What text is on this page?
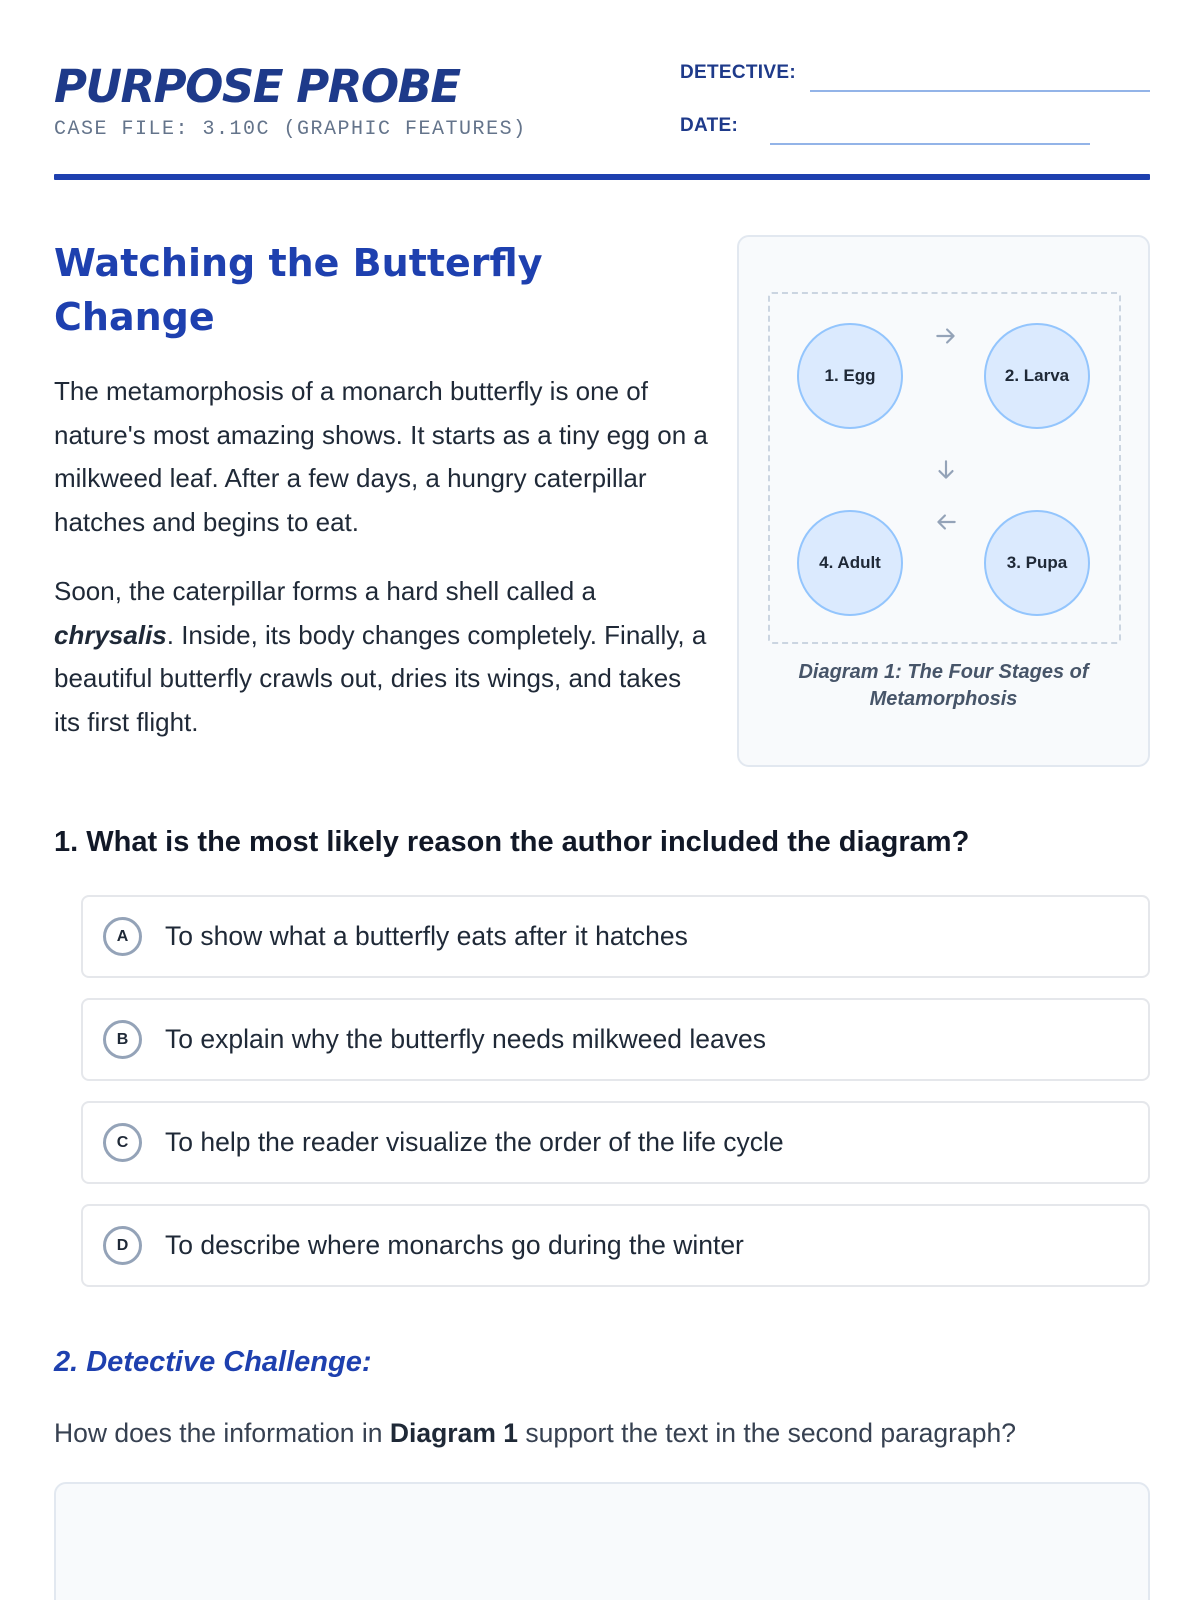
PURPOSE PROBE
CASE FILE: 3.10C (GRAPHIC FEATURES)
DETECTIVE:
DATE:
Watching the Butterfly Change

The metamorphosis of a monarch butterfly is one of nature's most amazing shows. It starts as a tiny egg on a milkweed leaf. After a few days, a hungry caterpillar hatches and begins to eat.

Soon, the caterpillar forms a hard shell called a chrysalis. Inside, its body changes completely. Finally, a beautiful butterfly crawls out, dries its wings, and takes its first flight.

1. Egg	2. Larva
3. Pupa
4. Adult
Diagram 1: The Four Stages of Metamorphosis
1. What is the most likely reason the author included the diagram?
A	To show what a butterfly eats after it hatches
B	To explain why the butterfly needs milkweed leaves
C	To help the reader visualize the order of the life cycle
D	To describe where monarchs go during the winter
2. Detective Challenge:
How does the information in Diagram 1 support the text in the second paragraph?
